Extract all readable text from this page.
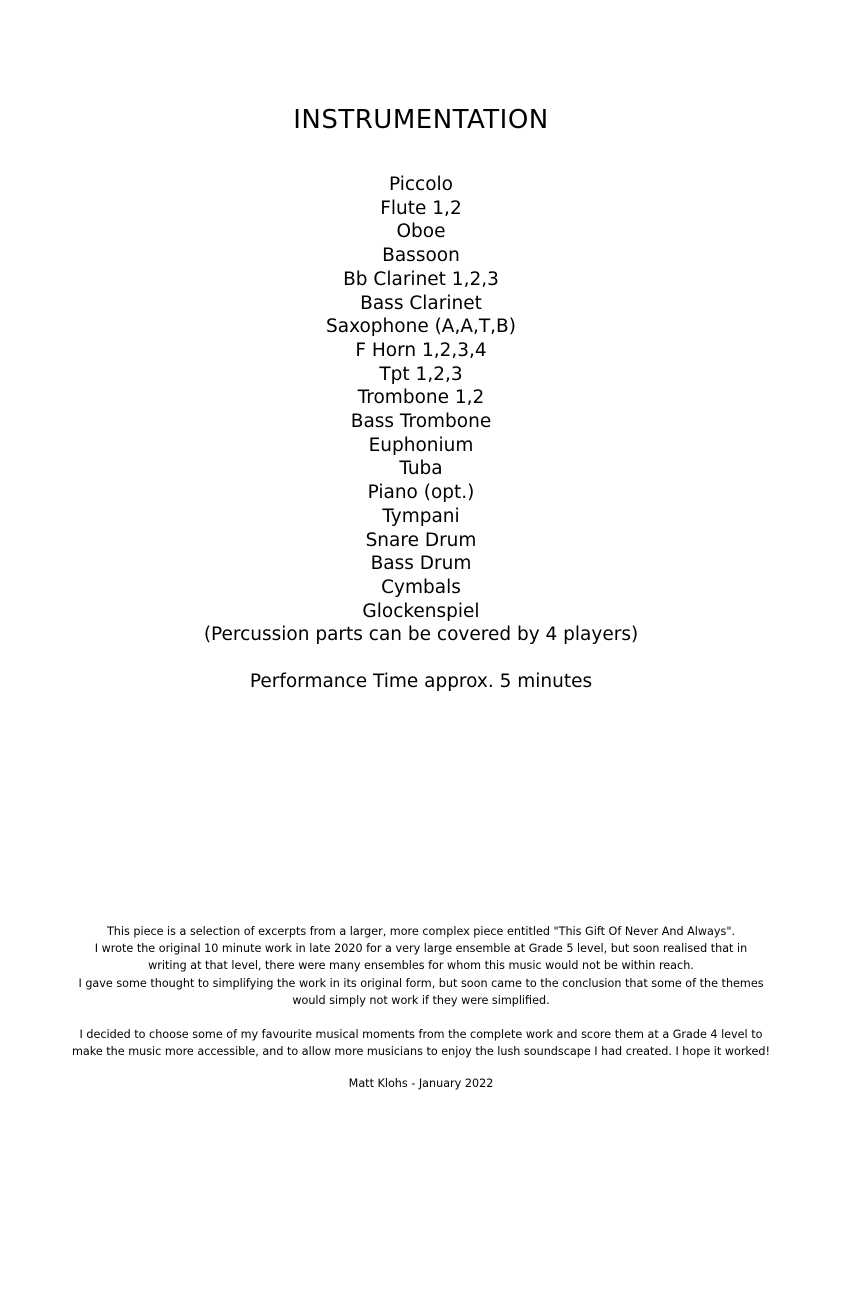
INSTRUMENTATION
Piccolo
Flute 1,2
Oboe
Bassoon
Bb Clarinet 1,2,3
Bass Clarinet
Saxophone (A,A,T,B)
F Horn 1,2,3,4
Tpt 1,2,3
Trombone 1,2
Bass Trombone
Euphonium
Tuba
Piano (opt.)
Tympani
Snare Drum
Bass Drum
Cymbals
Glockenspiel
(Percussion parts can be covered by 4 players)
Performance Time approx. 5 minutes
This piece is a selection of excerpts from a larger, more complex piece entitled "This Gift Of Never And Always".
I wrote the original 10 minute work in late 2020 for a very large ensemble at Grade 5 level, but soon realised that in
writing at that level, there were many ensembles for whom this music would not be within reach.
I gave some thought to simplifying the work in its original form, but soon came to the conclusion that some of the themes
would simply not work if they were simplified.
I decided to choose some of my favourite musical moments from the complete work and score them at a Grade 4 level to
make the music more accessible, and to allow more musicians to enjoy the lush soundscape I had created. I hope it worked!
Matt Klohs - January 2022
